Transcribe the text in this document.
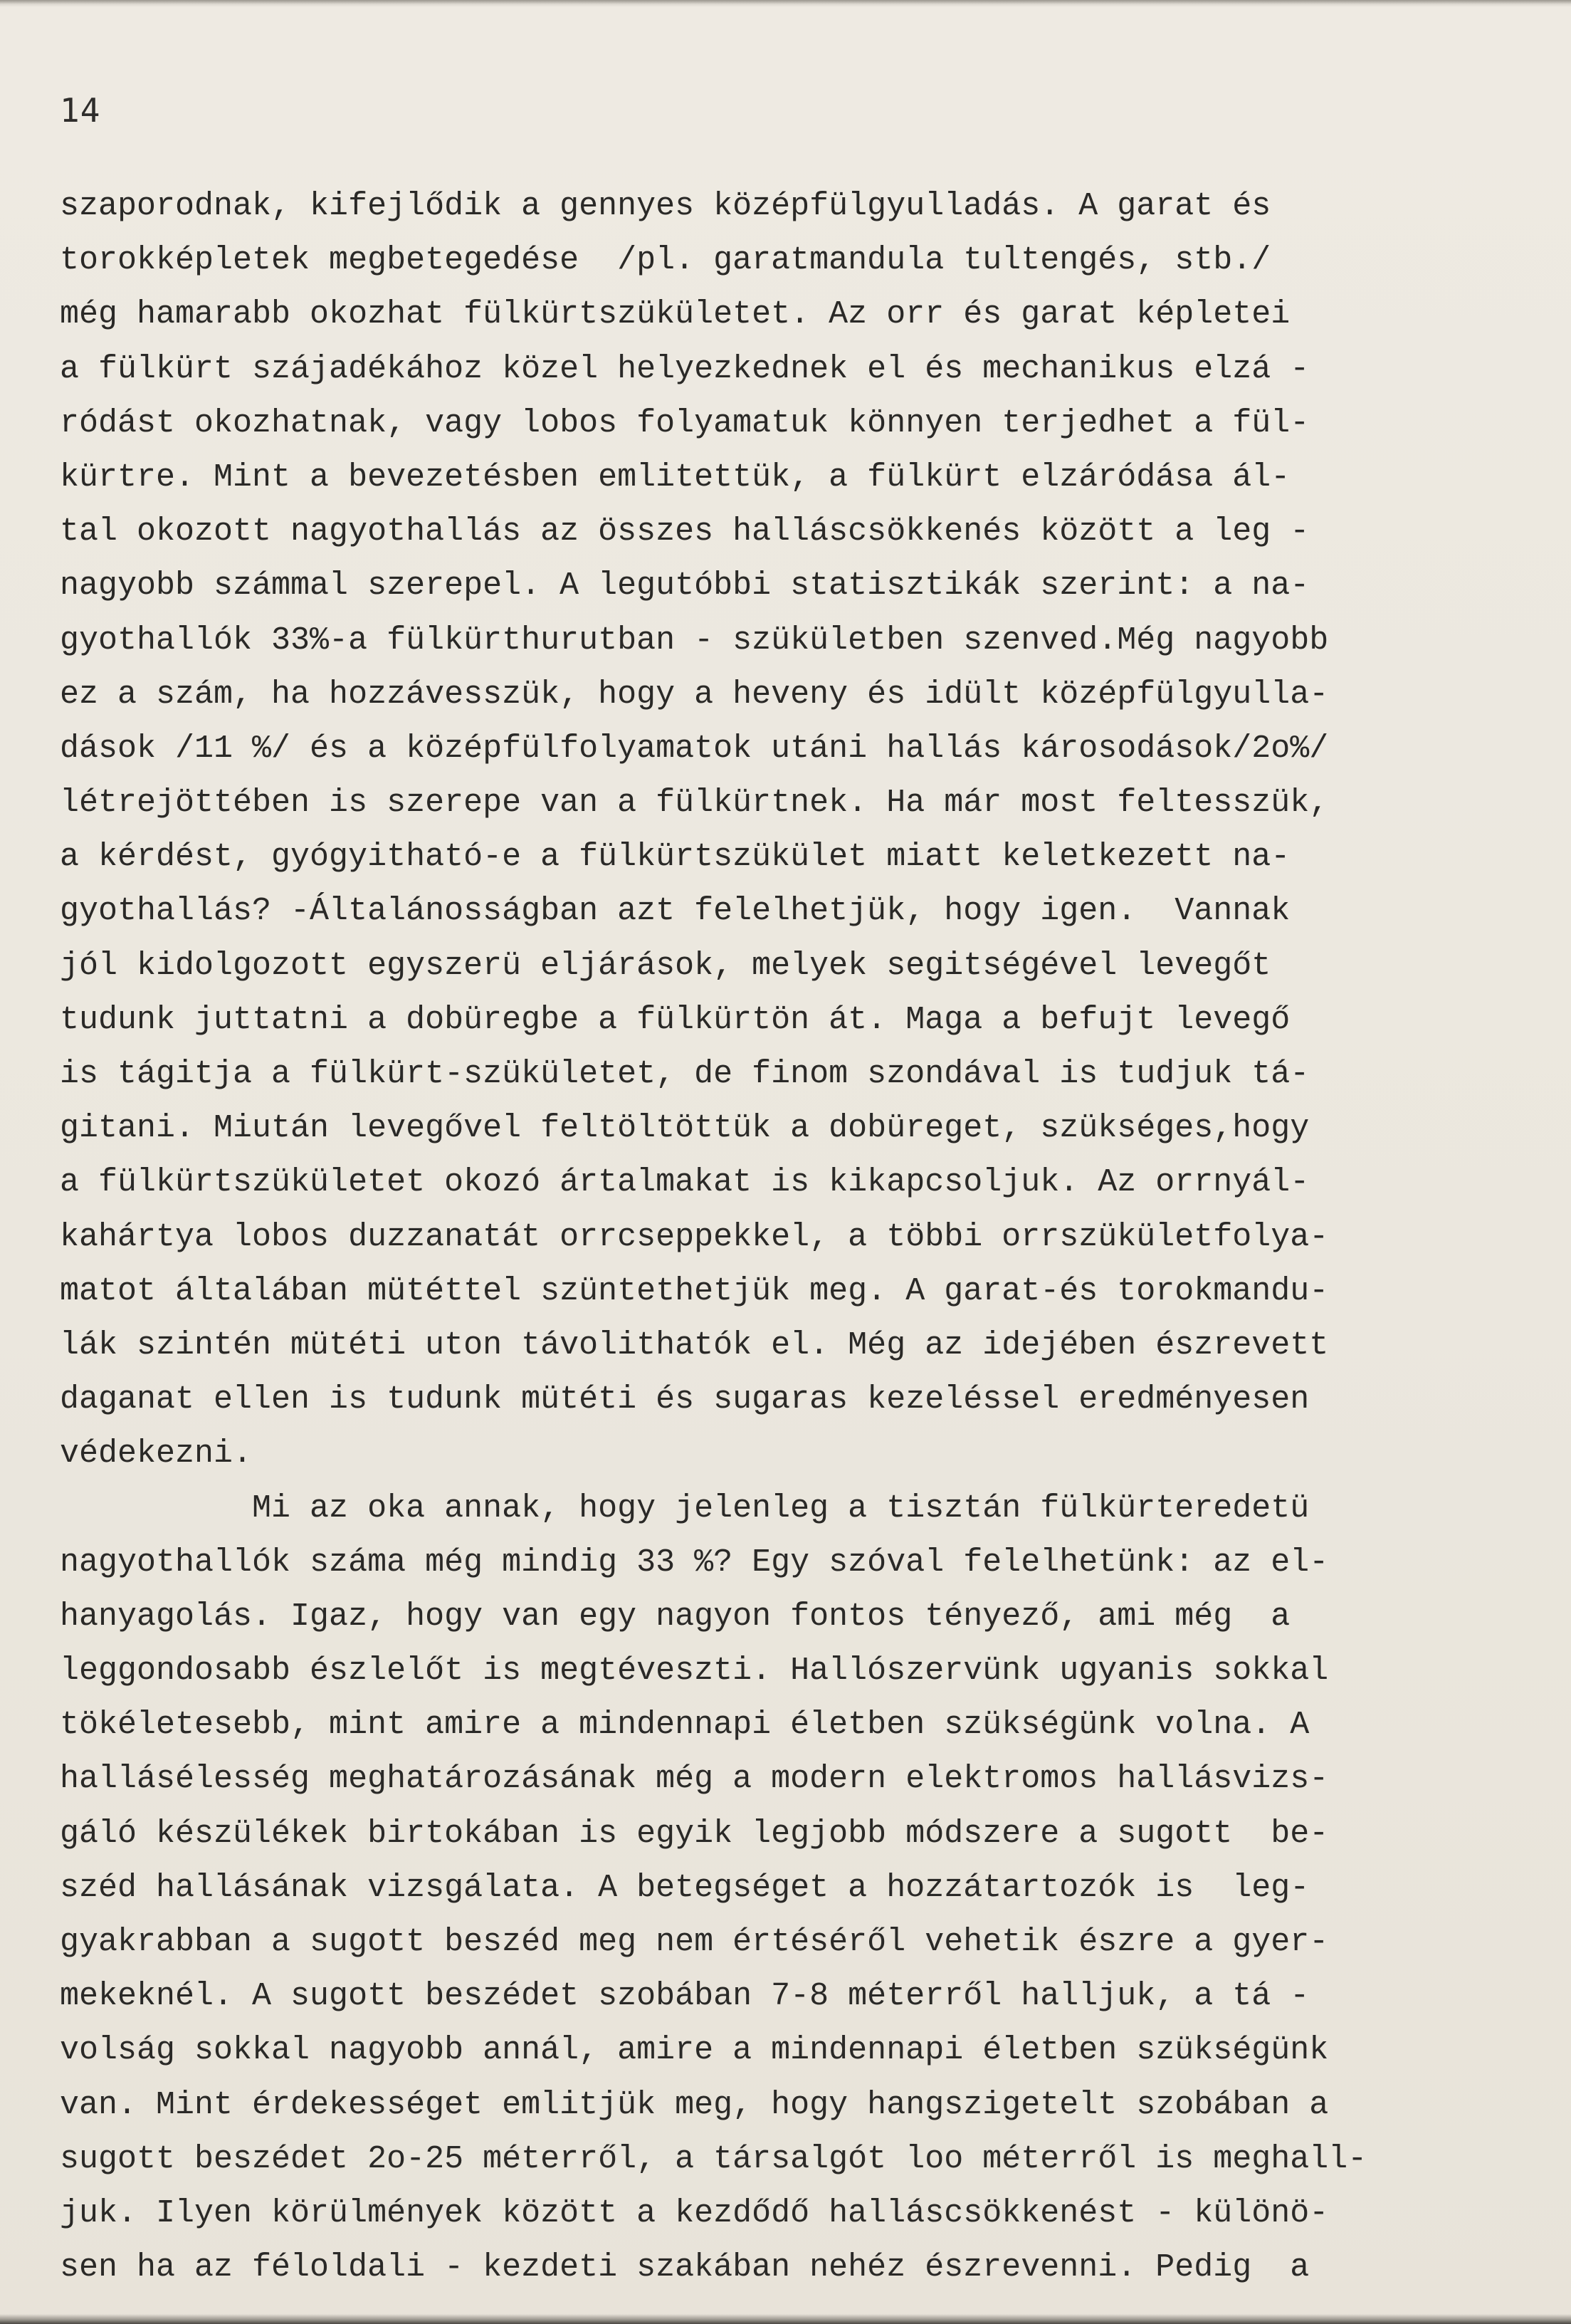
14
szaporodnak, kifejlődik a gennyes középfülgyulladás. A garat és
torokképletek megbetegedése  /pl. garatmandula tultengés, stb./
még hamarabb okozhat fülkürtszükületet. Az orr és garat képletei
a fülkürt szájadékához közel helyezkednek el és mechanikus elzá -
ródást okozhatnak, vagy lobos folyamatuk könnyen terjedhet a fül-
kürtre. Mint a bevezetésben emlitettük, a fülkürt elzáródása ál-
tal okozott nagyothallás az összes halláscsökkenés között a leg -
nagyobb számmal szerepel. A legutóbbi statisztikák szerint: a na-
gyothallók 33%-a fülkürthurutban - szükületben szenved.Még nagyobb
ez a szám, ha hozzávesszük, hogy a heveny és idült középfülgyulla-
dások /11 %/ és a középfülfolyamatok utáni hallás károsodások/2o%/
létrejöttében is szerepe van a fülkürtnek. Ha már most feltesszük,
a kérdést, gyógyitható-e a fülkürtszükület miatt keletkezett na-
gyothallás? -Általánosságban azt felelhetjük, hogy igen.  Vannak
jól kidolgozott egyszerü eljárások, melyek segitségével levegőt
tudunk juttatni a dobüregbe a fülkürtön át. Maga a befujt levegő
is tágitja a fülkürt-szükületet, de finom szondával is tudjuk tá-
gitani. Miután levegővel feltöltöttük a dobüreget, szükséges,hogy
a fülkürtszükületet okozó ártalmakat is kikapcsoljuk. Az orrnyál-
kahártya lobos duzzanatát orrcseppekkel, a többi orrszükületfolya-
matot általában mütéttel szüntethetjük meg. A garat-és torokmandu-
lák szintén mütéti uton távolithatók el. Még az idejében észrevett
daganat ellen is tudunk mütéti és sugaras kezeléssel eredményesen
védekezni.
Mi az oka annak, hogy jelenleg a tisztán fülkürteredetü
nagyothallók száma még mindig 33 %? Egy szóval felelhetünk: az el-
hanyagolás. Igaz, hogy van egy nagyon fontos tényező, ami még  a
leggondosabb észlelőt is megtéveszti. Hallószervünk ugyanis sokkal
tökéletesebb, mint amire a mindennapi életben szükségünk volna. A
hallásélesség meghatározásának még a modern elektromos hallásvizs-
gáló készülékek birtokában is egyik legjobb módszere a sugott  be-
széd hallásának vizsgálata. A betegséget a hozzátartozók is  leg-
gyakrabban a sugott beszéd meg nem értéséről vehetik észre a gyer-
mekeknél. A sugott beszédet szobában 7-8 méterről halljuk, a tá -
volság sokkal nagyobb annál, amire a mindennapi életben szükségünk
van. Mint érdekességet emlitjük meg, hogy hangszigetelt szobában a
sugott beszédet 2o-25 méterről, a társalgót loo méterről is meghall-
juk. Ilyen körülmények között a kezdődő halláscsökkenést - különö-
sen ha az féloldali - kezdeti szakában nehéz észrevenni. Pedig  a
